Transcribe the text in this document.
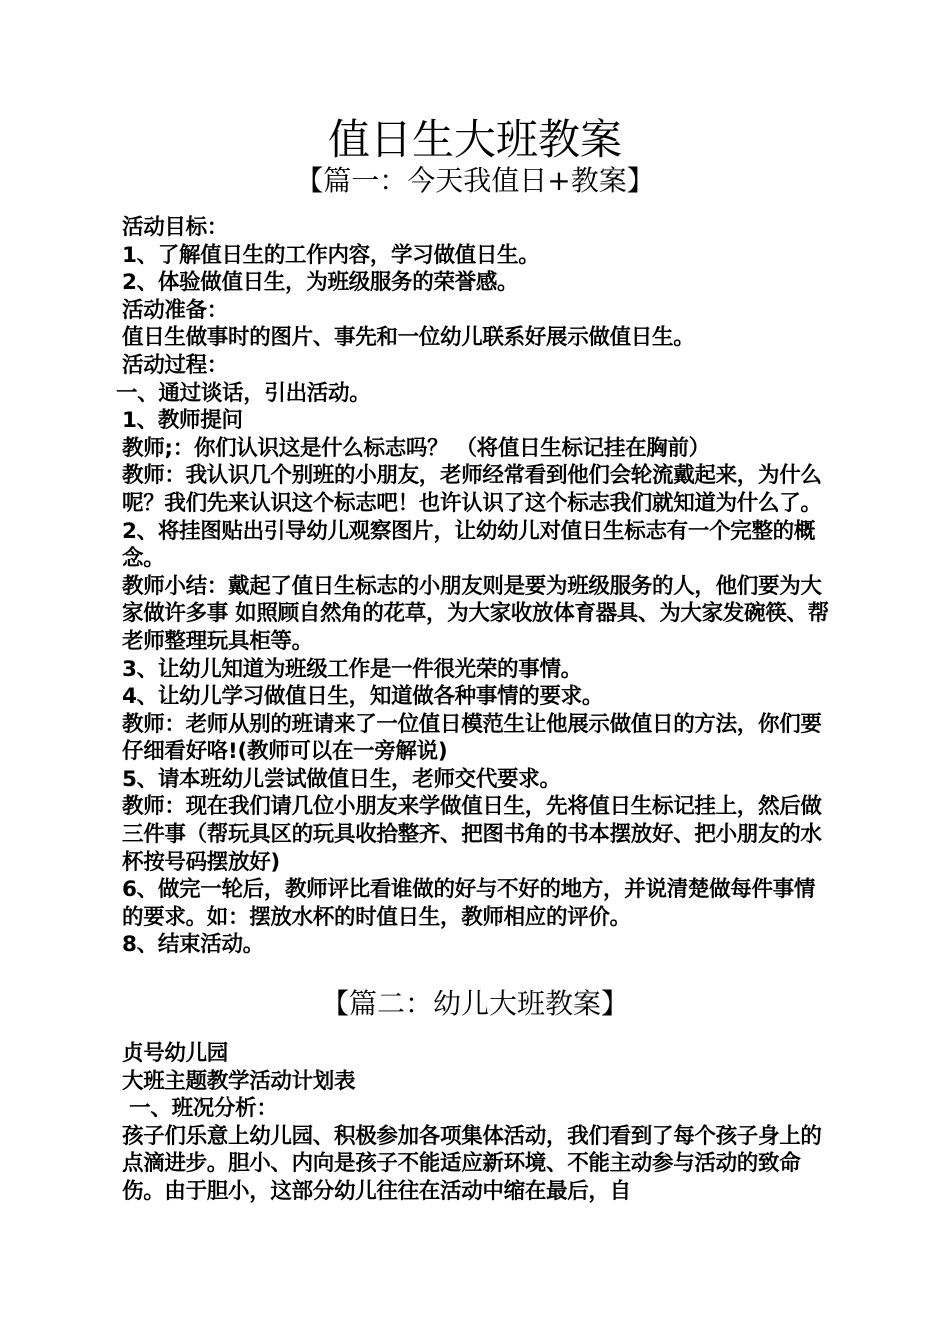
值日生大班教案
【篇一：今天我值日+教案】

活动目标：

1、了解值日生的工作内容，学习做值日生。

2、体验做值日生，为班级服务的荣誉感。

活动准备：

值日生做事时的图片、事先和一位幼儿联系好展示做值日生。

活动过程：

一、通过谈话，引出活动。

1、教师提问

教师;：你们认识这是什么标志吗？ （将值日生标记挂在胸前）

教师：我认识几个别班的小朋友，老师经常看到他们会轮流戴起来，为什么呢？我们先来认识这个标志吧！也许认识了这个标志我们就知道为什么了。

2、将挂图贴出引导幼儿观察图片，让幼幼儿对值日生标志有一个完整的概念。

教师小结：戴起了值日生标志的小朋友则是要为班级服务的人，他们要为大家做许多事 如照顾自然角的花草，为大家收放体育器具、为大家发碗筷、帮老师整理玩具柜等。

3、让幼儿知道为班级工作是一件很光荣的事情。

4、让幼儿学习做值日生，知道做各种事情的要求。

教师：老师从别的班请来了一位值日模范生让他展示做值日的方法，你们要仔细看好咯!(教师可以在一旁解说)

5、请本班幼儿尝试做值日生，老师交代要求。

教师：现在我们请几位小朋友来学做值日生，先将值日生标记挂上，然后做三件事（帮玩具区的玩具收拾整齐、把图书角的书本摆放好、把小朋友的水杯按号码摆放好)

6、做完一轮后，教师评比看谁做的好与不好的地方，并说清楚做每件事情的要求。如：摆放水杯的时值日生，教师相应的评价。

8、结束活动。

【篇二：幼儿大班教案】

贞号幼儿园

大班主题教学活动计划表

一、班况分析：

孩子们乐意上幼儿园、积极参加各项集体活动，我们看到了每个孩子身上的点滴进步。胆小、内向是孩子不能适应新环境、不能主动参与活动的致命伤。由于胆小，这部分幼儿往往在活动中缩在最后，自
